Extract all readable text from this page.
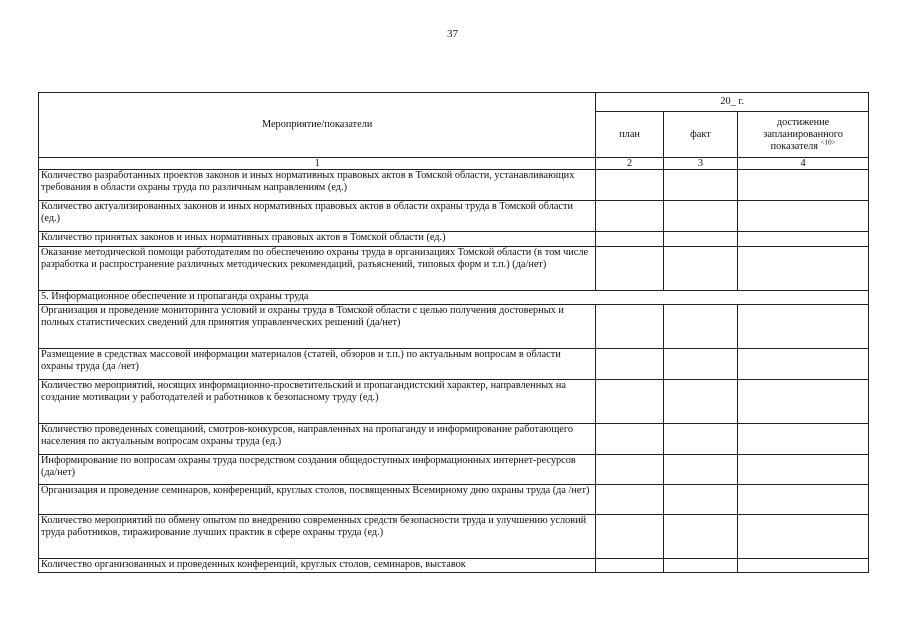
37
Мероприятие/показатели	20_ г.		
	план	факт	достижение запланированного показателя $^{<10>}$
1	2	3	4
Количество разработанных проектов законов и иных нормативных правовых актов в Томской области, устанавливающих требования в области охраны труда по различным направлениям (ед.)			
Количество актуализированных законов и иных нормативных правовых актов в области охраны труда в Томской области (ед.)			
Количество принятых законов и иных нормативных правовых актов в Томской области (ед.)			
Оказание методической помощи работодателям по обеспечению охраны труда в организациях Томской области (в том числе разработка и распространение различных методических рекомендаций, разъяснений, типовых форм и т.п.) (да/нет)			
5. Информационное обеспечение и пропаганда охраны труда			
Организация и проведение мониторинга условий и охраны труда в Томской области с целью получения достоверных и полных статистических сведений для принятия управленческих решений (да/нет)			
Размещение в средствах массовой информации материалов (статей, обзоров и т.п.) по актуальным вопросам в области охраны труда (да /нет)			
Количество мероприятий, носящих информационно-просветительский и пропагандистский характер, направленных на создание мотивации у работодателей и работников к безопасному труду (ед.)			
Количество проведенных совещаний, смотров-конкурсов, направленных на пропаганду и информирование работающего населения по актуальным вопросам охраны труда (ед.)			
Информирование по вопросам охраны труда посредством создания общедоступных информационных интернет-ресурсов (да/нет)			
Организация и проведение семинаров, конференций, круглых столов, посвященных Всемирному дню охраны труда (да /нет)			
Количество мероприятий по обмену опытом по внедрению современных средств безопасности труда и улучшению условий труда работников, тиражирование лучших практик в сфере охраны труда (ед.)			
Количество организованных и проведенных конференций, круглых столов, семинаров, выставок			
